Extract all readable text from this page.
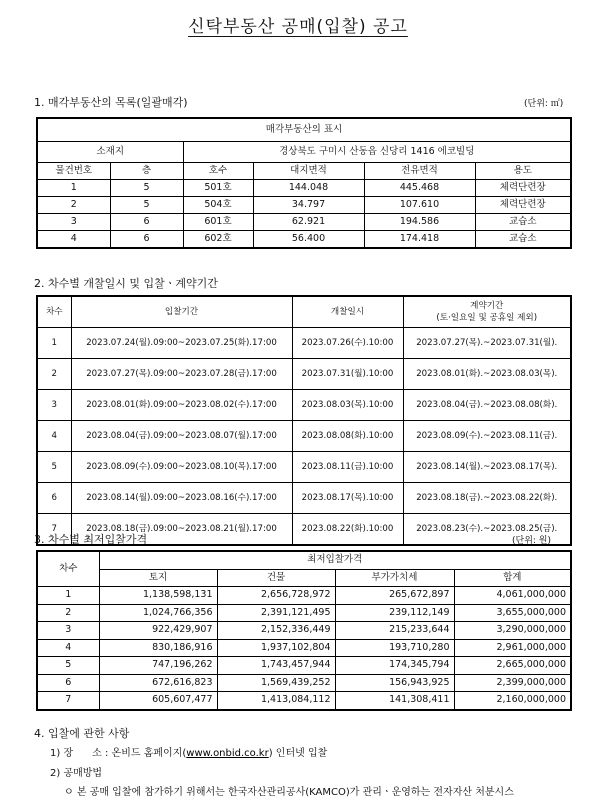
신탁부동산 공매(입찰) 공고
1. 매각부동산의 목록(일괄매각)	(단위: ㎡)
매각부동산의 표시					
소재지		경상북도 구미시 산동읍 신당리 1416 에코빌딩			
물건번호	층	호수	대지면적	전유면적	용도
1	5	501호	144.048	445.468	체력단련장
2	5	504호	34.797	107.610	체력단련장
3	6	601호	62.921	194.586	교습소
4	6	602호	56.400	174.418	교습소
2. 차수별 개찰일시 및 입찰ㆍ계약기간
차수	입찰기간	개찰일시	계약기간
(토·일요일 및 공휴일 제외)

1	2023.07.24(월).09:00~2023.07.25(화).17:00	2023.07.26(수).10:00	2023.07.27(목).~2023.07.31(월).
2	2023.07.27(목).09:00~2023.07.28(금).17:00	2023.07.31(월).10:00	2023.08.01(화).~2023.08.03(목).
3	2023.08.01(화).09:00~2023.08.02(수).17:00	2023.08.03(목).10:00	2023.08.04(금).~2023.08.08(화).
4	2023.08.04(금).09:00~2023.08.07(월).17:00	2023.08.08(화).10:00	2023.08.09(수).~2023.08.11(금).
5	2023.08.09(수).09:00~2023.08.10(목).17:00	2023.08.11(금).10:00	2023.08.14(월).~2023.08.17(목).
6	2023.08.14(월).09:00~2023.08.16(수).17:00	2023.08.17(목).10:00	2023.08.18(금).~2023.08.22(화).
7	2023.08.18(금).09:00~2023.08.21(월).17:00	2023.08.22(화).10:00	2023.08.23(수).~2023.08.25(금).
3. 차수별 최저입찰가격	(단위: 원)
차수	최저입찰가격			
	토지	건물	부가가치세	합계
1	1,138,598,131	2,656,728,972	265,672,897	4,061,000,000
2	1,024,766,356	2,391,121,495	239,112,149	3,655,000,000
3	922,429,907	2,152,336,449	215,233,644	3,290,000,000
4	830,186,916	1,937,102,804	193,710,280	2,961,000,000
5	747,196,262	1,743,457,944	174,345,794	2,665,000,000
6	672,616,823	1,569,439,252	156,943,925	2,399,000,000
7	605,607,477	1,413,084,112	141,308,411	2,160,000,000
4. 입찰에 관한 사항
1) 장      소 : 온비드 홈페이지(www.onbid.co.kr) 인터넷 입찰
2) 공매방법
ㅇ 본 공매 입찰에 참가하기 위해서는 한국자산관리공사(KAMCO)가 관리ㆍ운영하는 전자자산 처분시스
